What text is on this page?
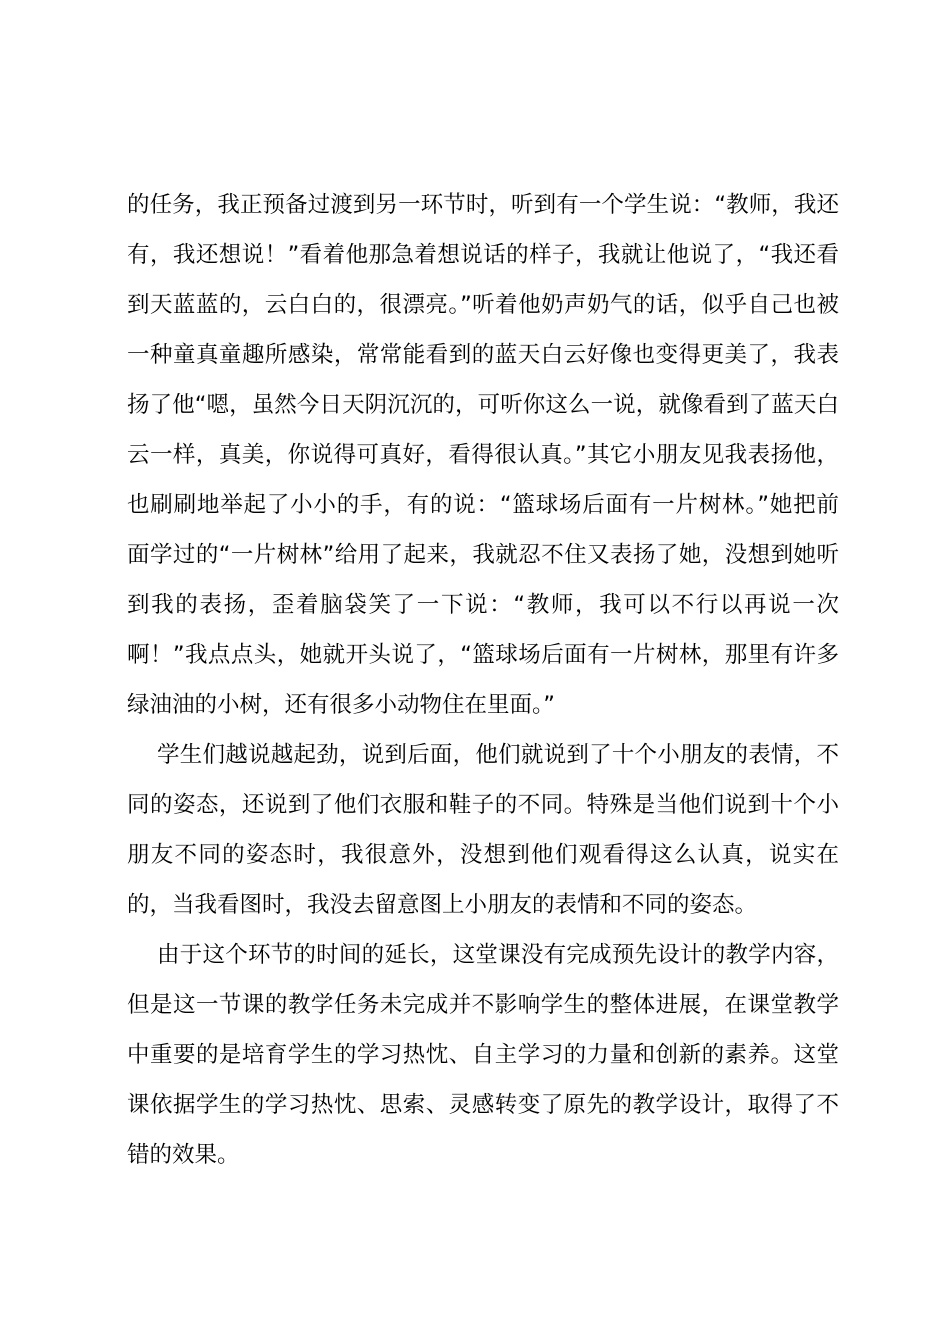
的任务，我正预备过渡到另一环节时，听到有一个学生说：“教师，我还
有，我还想说！”看着他那急着想说话的样子，我就让他说了，“我还看
到天蓝蓝的，云白白的，很漂亮。”听着他奶声奶气的话，似乎自己也被
一种童真童趣所感染，常常能看到的蓝天白云好像也变得更美了，我表
扬了他“嗯，虽然今日天阴沉沉的，可听你这么一说，就像看到了蓝天白
云一样，真美，你说得可真好，看得很认真。”其它小朋友见我表扬他，
也刷刷地举起了小小的手，有的说：“篮球场后面有一片树林。”她把前
面学过的“一片树林”给用了起来，我就忍不住又表扬了她，没想到她听
到我的表扬，歪着脑袋笑了一下说：“教师，我可以不行以再说一次
啊！”我点点头，她就开头说了，“篮球场后面有一片树林，那里有许多
绿油油的小树，还有很多小动物住在里面。”
学生们越说越起劲，说到后面，他们就说到了十个小朋友的表情，不
同的姿态，还说到了他们衣服和鞋子的不同。特殊是当他们说到十个小
朋友不同的姿态时，我很意外，没想到他们观看得这么认真，说实在
的，当我看图时，我没去留意图上小朋友的表情和不同的姿态。
由于这个环节的时间的延长，这堂课没有完成预先设计的教学内容，
但是这一节课的教学任务未完成并不影响学生的整体进展，在课堂教学
中重要的是培育学生的学习热忱、自主学习的力量和创新的素养。这堂
课依据学生的学习热忱、思索、灵感转变了原先的教学设计，取得了不
错的效果。
